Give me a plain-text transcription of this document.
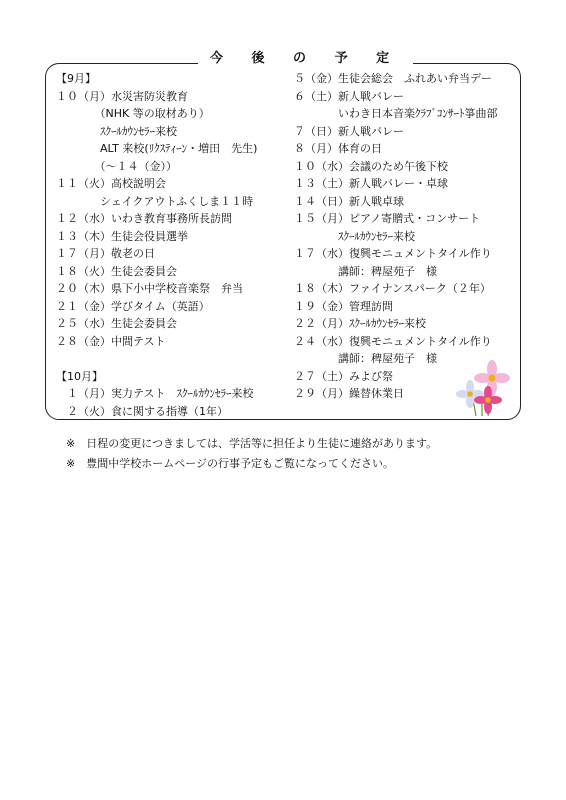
今 後 の 予 定
【9月】
１０（月）水災害防災教育
　　　　（NHK 等の取材あり）
　　　　ｽｸｰﾙｶｳﾝｾﾗｰ来校
　　　　ALT 来校(ﾘｸｽﾃｨｰﾝ・増田　先生)
　　　　（～１４（金））
１１（火）高校説明会
　　　　シェイクアウトふくしま１１時
１２（水）いわき教育事務所長訪問
１３（木）生徒会役員選挙
１７（月）敬老の日
１８（火）生徒会委員会
２０（木）県下小中学校音楽祭　弁当
２１（金）学びタイム（英語）
２５（水）生徒会委員会
２８（金）中間テスト
【10月】
　１（月）実力テスト　ｽｸｰﾙｶｳﾝｾﾗｰ来校
　２（火）食に関する指導（1年）
５（金）生徒会総会　ふれあい弁当デー
６（土）新人戦バレー
　　　　いわき日本音楽ｸﾗﾌﾞｺﾝｻｰﾄ箏曲部
７（日）新人戦バレー
８（月）体育の日
１０（水）会議のため午後下校
１３（土）新人戦バレー・卓球
１４（日）新人戦卓球
１５（月）ピアノ寄贈式・コンサート
　　　　ｽｸｰﾙｶｳﾝｾﾗｰ来校
１７（水）復興モニュメントタイル作り
　　　　講師：稗屋苑子　様
１８（木）ファイナンスパーク（２年）
１９（金）管理訪問
２２（月）ｽｸｰﾙｶｳﾝｾﾗｰ来校
２４（水）復興モニュメントタイル作り
　　　　講師：稗屋苑子　様
２７（土）みよび祭
２９（月）繰替休業日
※　日程の変更につきましては、学活等に担任より生徒に連絡があります。
※　豊間中学校ホームページの行事予定もご覧になってください。
